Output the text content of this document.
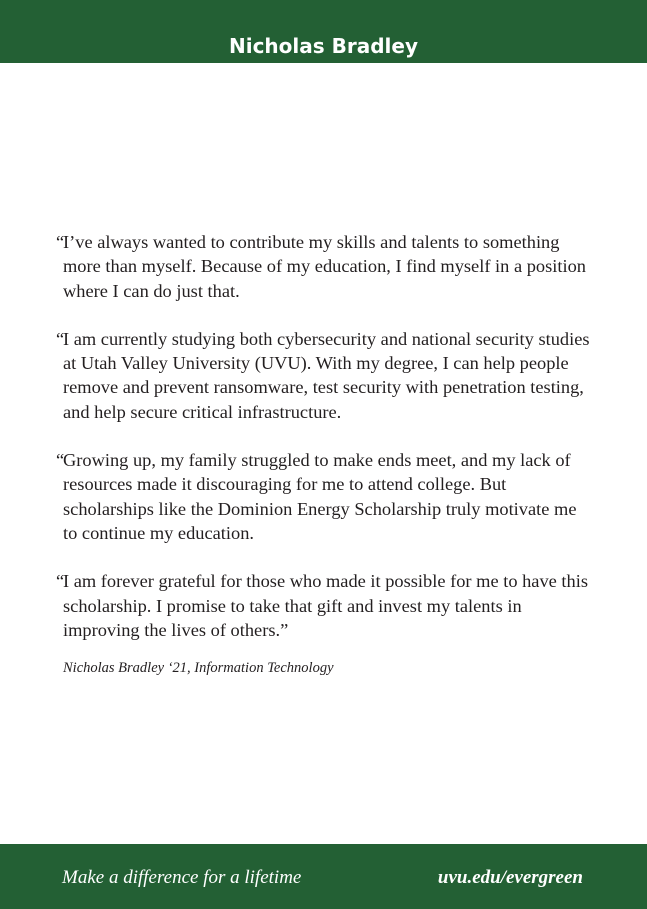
Nicholas Bradley

“
I’ve always wanted to contribute my skills and talents to something more than myself. Because of my education, I find myself in a position where I can do just that.

“
I am currently studying both cybersecurity and national security studies at Utah Valley University (UVU). With my degree, I can help people remove and prevent ransomware, test security with penetration testing, and help secure critical infrastructure.

“
Growing up, my family struggled to make ends meet, and my lack of resources made it discouraging for me to attend college. But scholarships like the Dominion Energy Scholarship truly motivate me to continue my education.

“
I am forever grateful for those who made it possible for me to have this scholarship. I promise to take that gift and invest my talents in improving the lives of others.”

Nicholas Bradley ‘21, Information Technology
Make a difference for a lifetime	uvu.edu/evergreen
